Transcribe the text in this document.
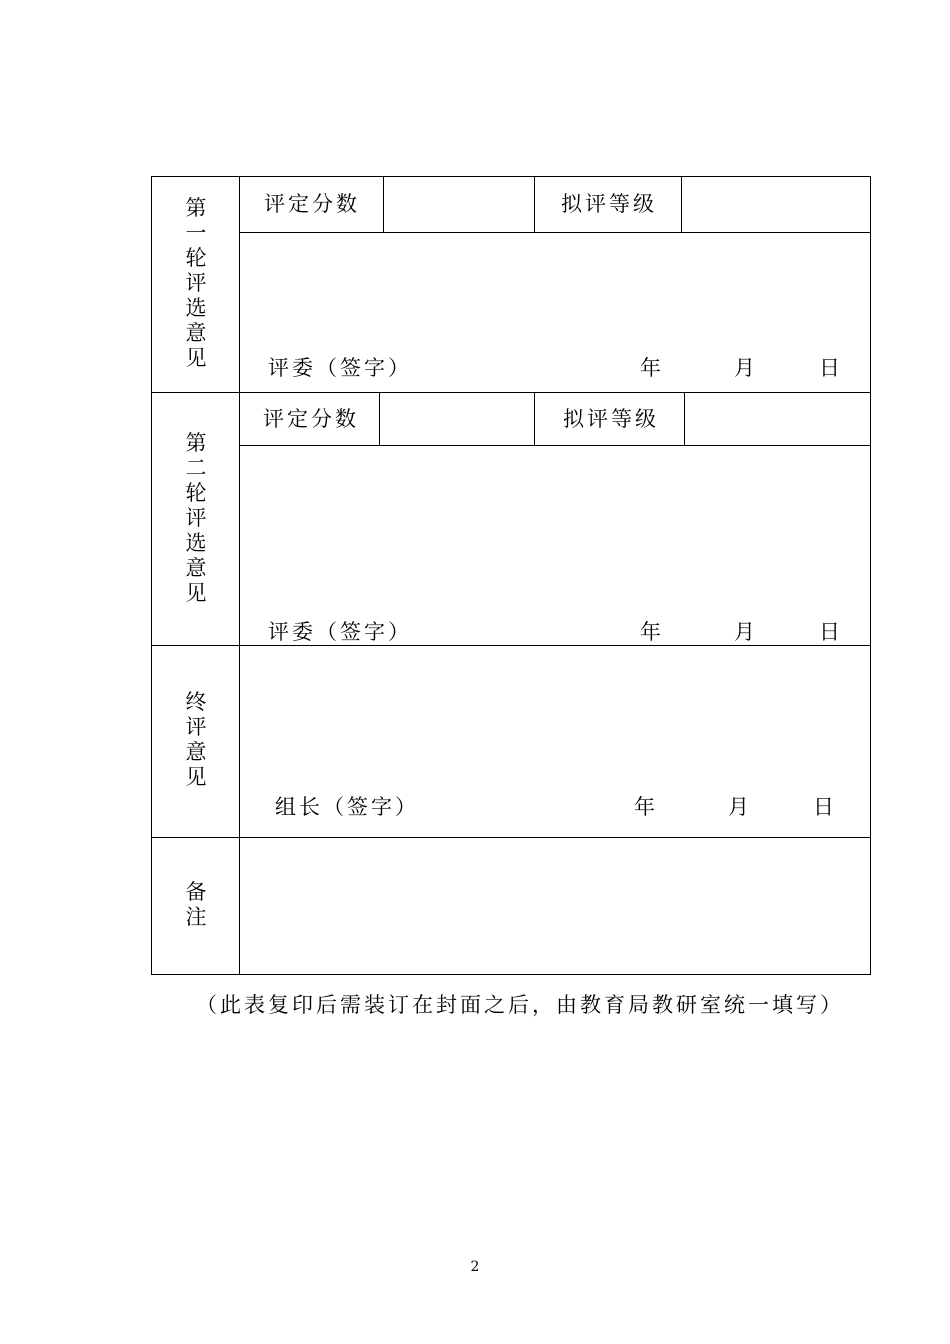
第一轮评选意见
评定分数	拟评等级
评委（签字）	年	月	日
第二轮评选意见
评定分数	拟评等级
评委（签字）	年	月	日
终评意见
组长（签字）	年	月	日
备注
（此表复印后需装订在封面之后，由教育局教研室统一填写）
2
